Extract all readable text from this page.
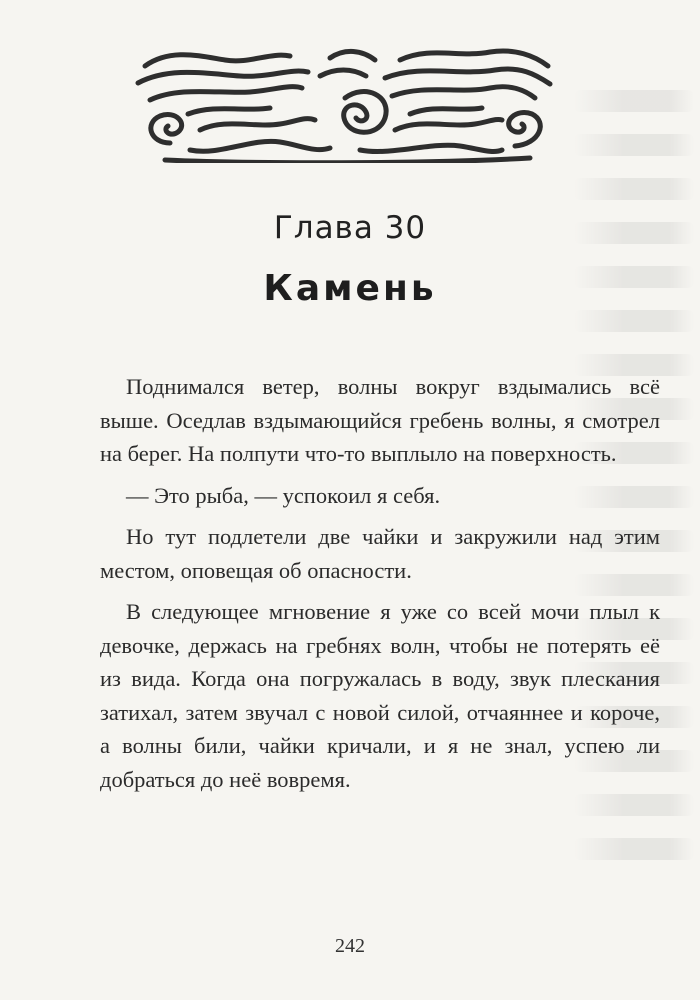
Глава 30
Камень

Поднимался ветер, волны вокруг вздымались всё выше. Оседлав вздымающийся гребень волны, я смотрел на берег. На полпути что-то выплыло на поверхность.

— Это рыба, — успокоил я себя.

Но тут подлетели две чайки и закружили над этим местом, оповещая об опасности.

В следующее мгновение я уже со всей мочи плыл к девочке, держась на гребнях волн, чтобы не потерять её из вида. Когда она погружалась в воду, звук плескания затихал, затем звучал с новой силой, отчаяннее и короче, а волны били, чайки кричали, и я не знал, успею ли добраться до неё вовремя.

242
